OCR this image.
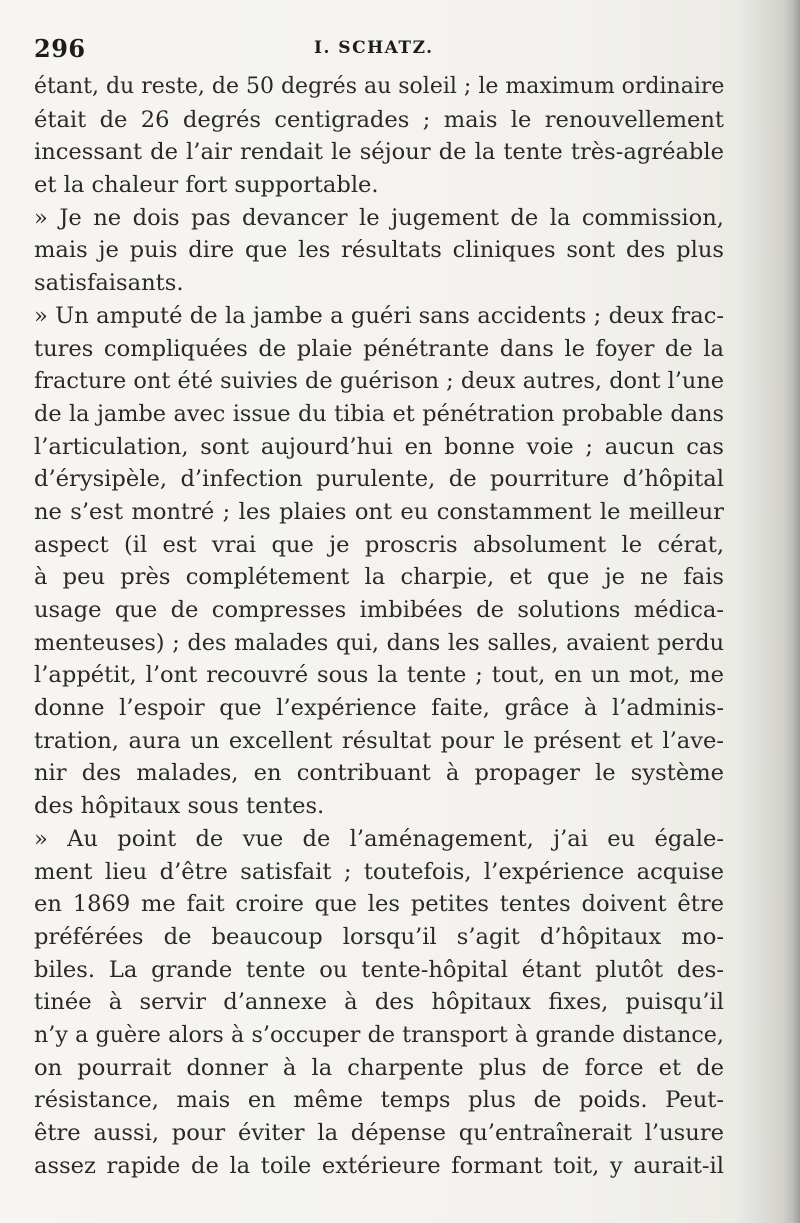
296	I. SCHATZ.
étant, du reste, de 50 degrés au soleil ; le maximum ordinaire
était de 26 degrés centigrades ; mais le renouvellement
incessant de l’air rendait le séjour de la tente très-agréable
et la chaleur fort supportable.
» Je ne dois pas devancer le jugement de la commission,
mais je puis dire que les résultats cliniques sont des plus
satisfaisants.
» Un amputé de la jambe a guéri sans accidents ; deux frac-
tures compliquées de plaie pénétrante dans le foyer de la
fracture ont été suivies de guérison ; deux autres, dont l’une
de la jambe avec issue du tibia et pénétration probable dans
l’articulation, sont aujourd’hui en bonne voie ; aucun cas
d’érysipèle, d’infection purulente, de pourriture d’hôpital
ne s’est montré ; les plaies ont eu constamment le meilleur
aspect (il est vrai que je proscris absolument le cérat,
à peu près complétement la charpie, et que je ne fais
usage que de compresses imbibées de solutions médica-
menteuses) ; des malades qui, dans les salles, avaient perdu
l’appétit, l’ont recouvré sous la tente ; tout, en un mot, me
donne l’espoir que l’expérience faite, grâce à l’adminis-
tration, aura un excellent résultat pour le présent et l’ave-
nir des malades, en contribuant à propager le système
des hôpitaux sous tentes.
» Au point de vue de l’aménagement, j’ai eu égale-
ment lieu d’être satisfait ; toutefois, l’expérience acquise
en 1869 me fait croire que les petites tentes doivent être
préférées de beaucoup lorsqu’il s’agit d’hôpitaux mo-
biles. La grande tente ou tente-hôpital étant plutôt des-
tinée à servir d’annexe à des hôpitaux fixes, puisqu’il
n’y a guère alors à s’occuper de transport à grande distance,
on pourrait donner à la charpente plus de force et de
résistance, mais en même temps plus de poids. Peut-
être aussi, pour éviter la dépense qu’entraînerait l’usure
assez rapide de la toile extérieure formant toit, y aurait-il
